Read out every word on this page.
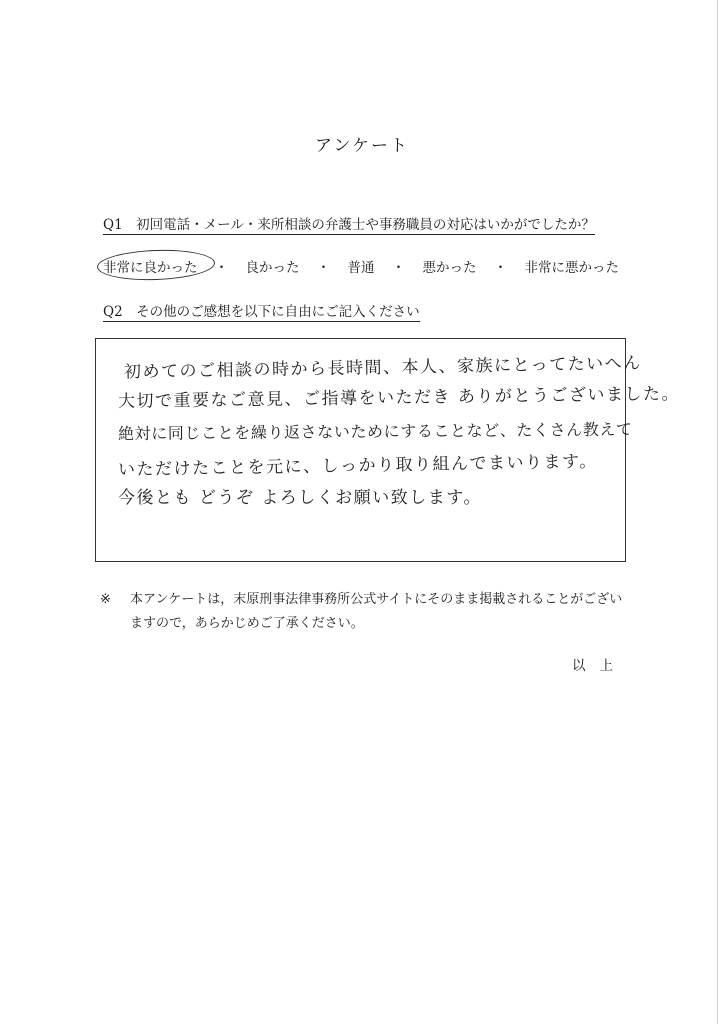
アンケート
Q1　初回電話・メール・来所相談の弁護士や事務職員の対応はいかがでしたか？
非常に良かった ・ 良かった ・ 普通 ・ 悪かった ・ 非常に悪かった
Q2　その他のご感想を以下に自由にご記入ください
初めてのご相談の時から長時間、本人、家族にとってたいへん
大切で重要なご意見、ご指導をいただき ありがとうございました。
絶対に同じことを繰り返さないためにすることなど、たくさん教えて
いただけたことを元に、しっかり取り組んでまいります。
今後とも どうぞ よろしくお願い致します。
※ 本アンケートは，末原刑事法律事務所公式サイトにそのまま掲載されることがございますので，あらかじめご了承ください。
以上
